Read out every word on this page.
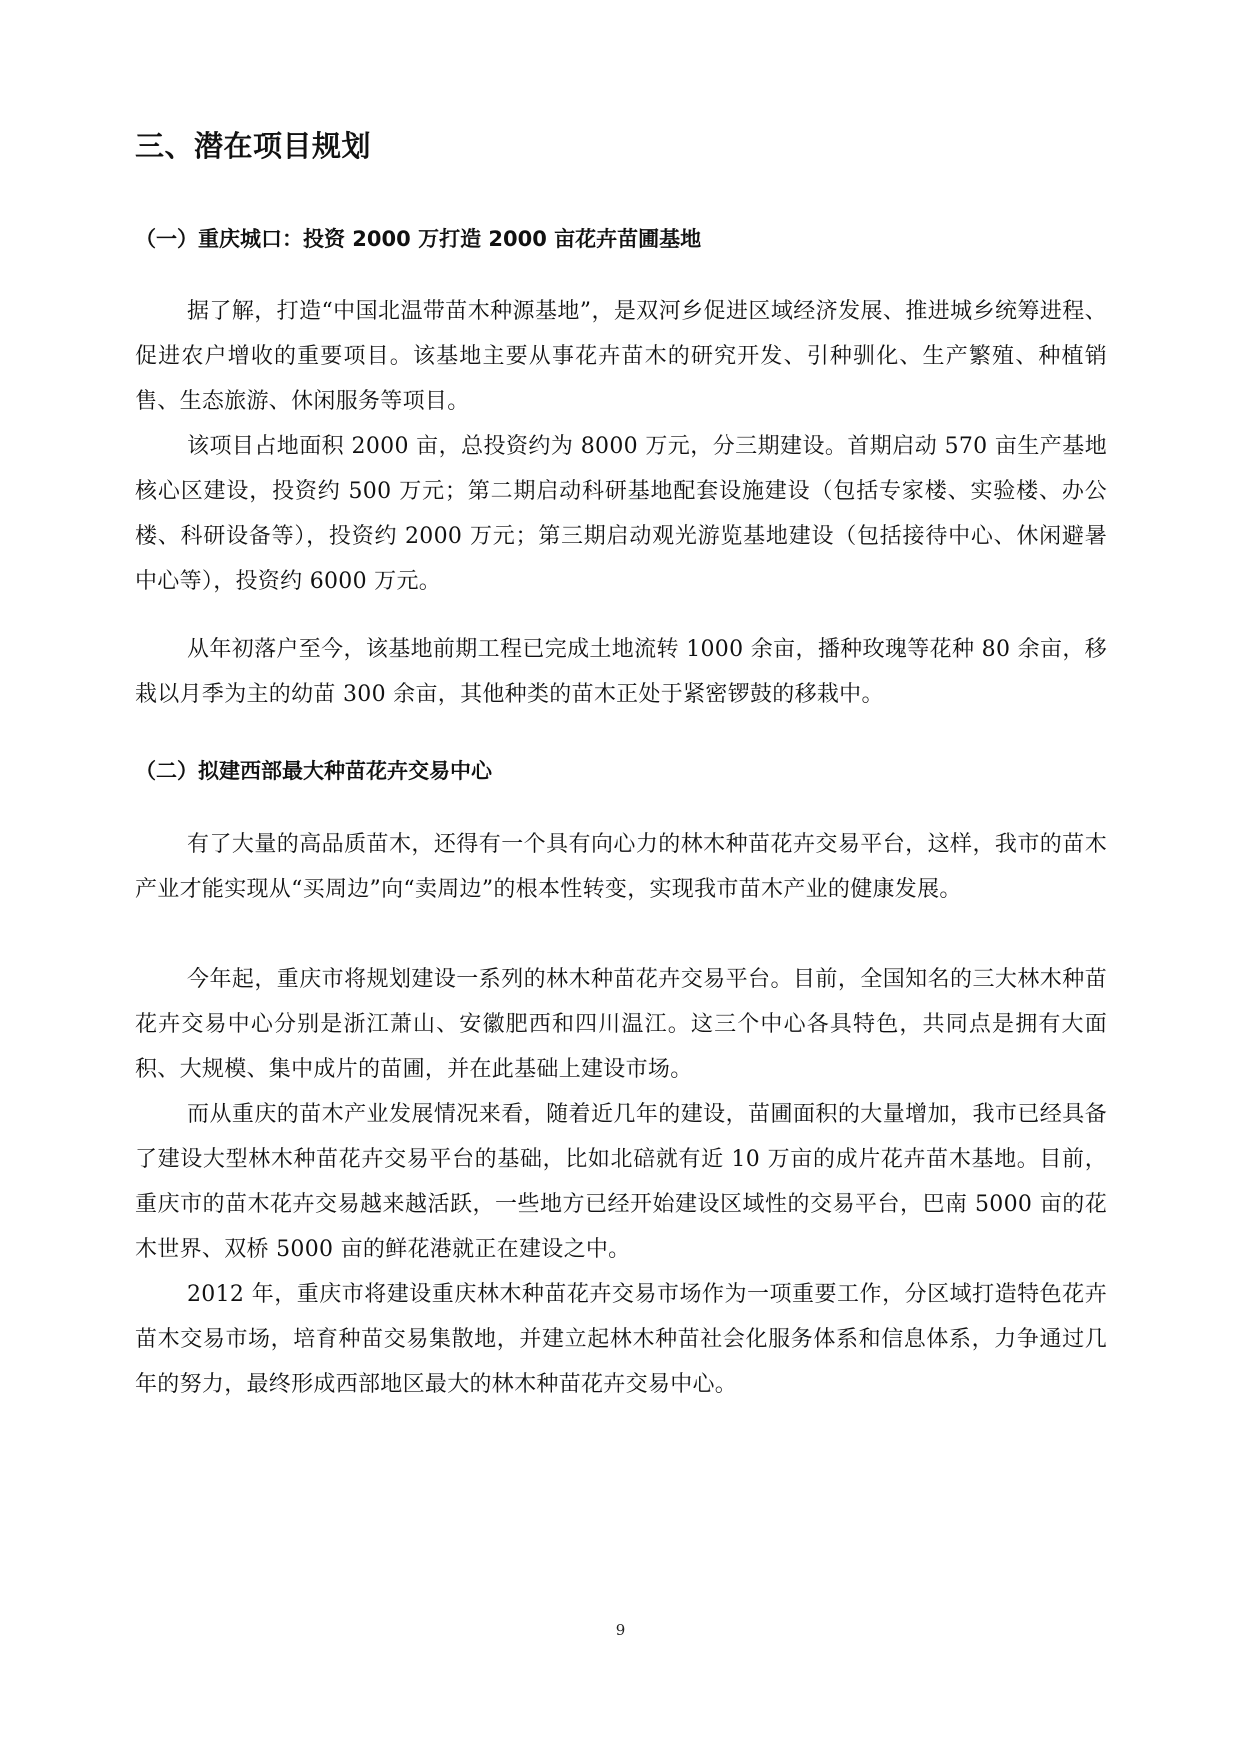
三、潜在项目规划
（一）重庆城口：投资 2000 万打造 2000 亩花卉苗圃基地

据了解，打造“中国北温带苗木种源基地”，是双河乡促进区域经济发展、推进城乡统筹进程、促进农户增收的重要项目。该基地主要从事花卉苗木的研究开发、引种驯化、生产繁殖、种植销售、生态旅游、休闲服务等项目。

该项目占地面积 2000 亩，总投资约为 8000 万元，分三期建设。首期启动 570 亩生产基地核心区建设，投资约 500 万元；第二期启动科研基地配套设施建设（包括专家楼、实验楼、办公楼、科研设备等），投资约 2000 万元；第三期启动观光游览基地建设（包括接待中心、休闲避暑中心等），投资约 6000 万元。

从年初落户至今，该基地前期工程已完成土地流转 1000 余亩，播种玫瑰等花种 80 余亩，移栽以月季为主的幼苗 300 余亩，其他种类的苗木正处于紧密锣鼓的移栽中。

（二）拟建西部最大种苗花卉交易中心

有了大量的高品质苗木，还得有一个具有向心力的林木种苗花卉交易平台，这样，我市的苗木产业才能实现从“买周边”向“卖周边”的根本性转变，实现我市苗木产业的健康发展。

今年起，重庆市将规划建设一系列的林木种苗花卉交易平台。目前，全国知名的三大林木种苗花卉交易中心分别是浙江萧山、安徽肥西和四川温江。这三个中心各具特色，共同点是拥有大面积、大规模、集中成片的苗圃，并在此基础上建设市场。

而从重庆的苗木产业发展情况来看，随着近几年的建设，苗圃面积的大量增加，我市已经具备了建设大型林木种苗花卉交易平台的基础，比如北碚就有近 10 万亩的成片花卉苗木基地。目前，重庆市的苗木花卉交易越来越活跃，一些地方已经开始建设区域性的交易平台，巴南 5000 亩的花木世界、双桥 5000 亩的鲜花港就正在建设之中。

2012 年，重庆市将建设重庆林木种苗花卉交易市场作为一项重要工作，分区域打造特色花卉苗木交易市场，培育种苗交易集散地，并建立起林木种苗社会化服务体系和信息体系，力争通过几年的努力，最终形成西部地区最大的林木种苗花卉交易中心。

9
